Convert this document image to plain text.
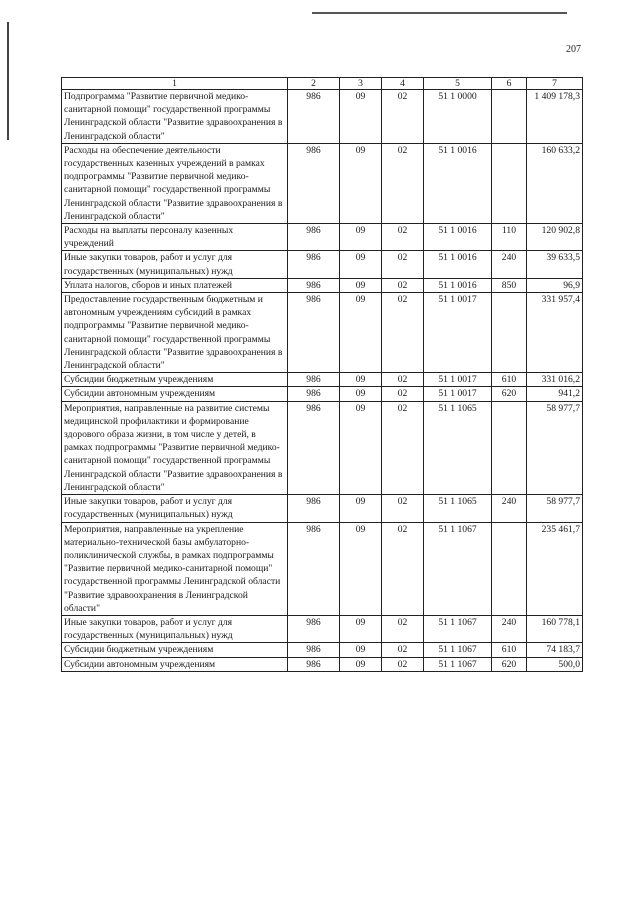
207
1	2	3	4	5	6	7
Подпрограмма "Развитие первичной медико-санитарной помощи" государственной программы Ленинградской области "Развитие здравоохранения в Ленинградской области"	986	09	02	51 1 0000		1 409 178,3
Расходы на обеспечение деятельности государственных казенных учреждений в рамках подпрограммы "Развитие первичной медико-санитарной помощи" государственной программы Ленинградской области "Развитие здравоохранения в Ленинградской области"	986	09	02	51 1 0016		160 633,2
Расходы на выплаты персоналу казенных учреждений	986	09	02	51 1 0016	110	120 902,8
Иные закупки товаров, работ и услуг для государственных (муниципальных) нужд	986	09	02	51 1 0016	240	39 633,5
Уплата налогов, сборов и иных платежей	986	09	02	51 1 0016	850	96,9
Предоставление государственным бюджетным и автономным учреждениям субсидий в рамках подпрограммы "Развитие первичной медико-санитарной помощи" государственной программы Ленинградской области "Развитие здравоохранения в Ленинградской области"	986	09	02	51 1 0017		331 957,4
Субсидии бюджетным учреждениям	986	09	02	51 1 0017	610	331 016,2
Субсидии автономным учреждениям	986	09	02	51 1 0017	620	941,2
Мероприятия, направленные на развитие системы медицинской профилактики и формирование здорового образа жизни, в том числе у детей, в рамках подпрограммы "Развитие первичной медико-санитарной помощи" государственной программы Ленинградской области "Развитие здравоохранения в Ленинградской области"	986	09	02	51 1 1065		58 977,7
Иные закупки товаров, работ и услуг для государственных (муниципальных) нужд	986	09	02	51 1 1065	240	58 977,7
Мероприятия, направленные на укрепление материально-технической базы амбулаторно-поликлинической службы, в рамках подпрограммы "Развитие первичной медико-санитарной помощи" государственной программы Ленинградской области "Развитие здравоохранения в Ленинградской области"	986	09	02	51 1 1067		235 461,7
Иные закупки товаров, работ и услуг для государственных (муниципальных) нужд	986	09	02	51 1 1067	240	160 778,1
Субсидии бюджетным учреждениям	986	09	02	51 1 1067	610	74 183,7
Субсидии автономным учреждениям	986	09	02	51 1 1067	620	500,0
